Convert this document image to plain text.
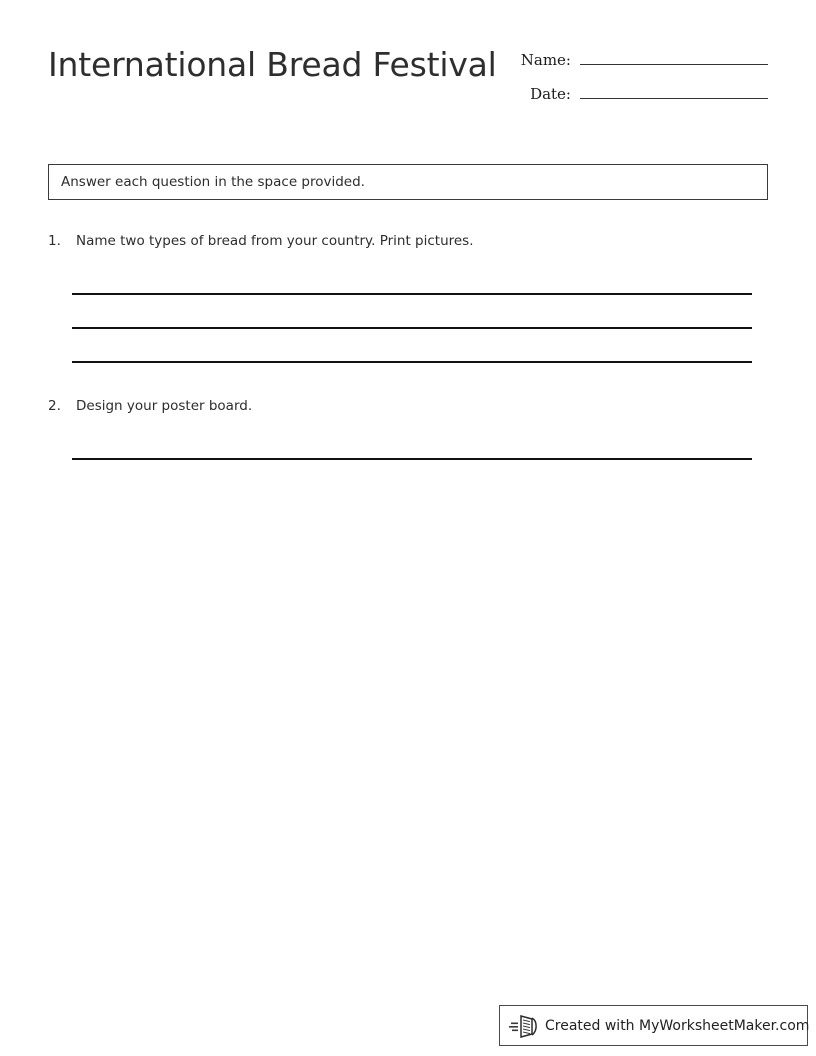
International Bread Festival	Name:
Date:
Answer each question in the space provided.
1.	Name two types of bread from your country. Print pictures.
2.	Design your poster board.
Created with MyWorksheetMaker.com
